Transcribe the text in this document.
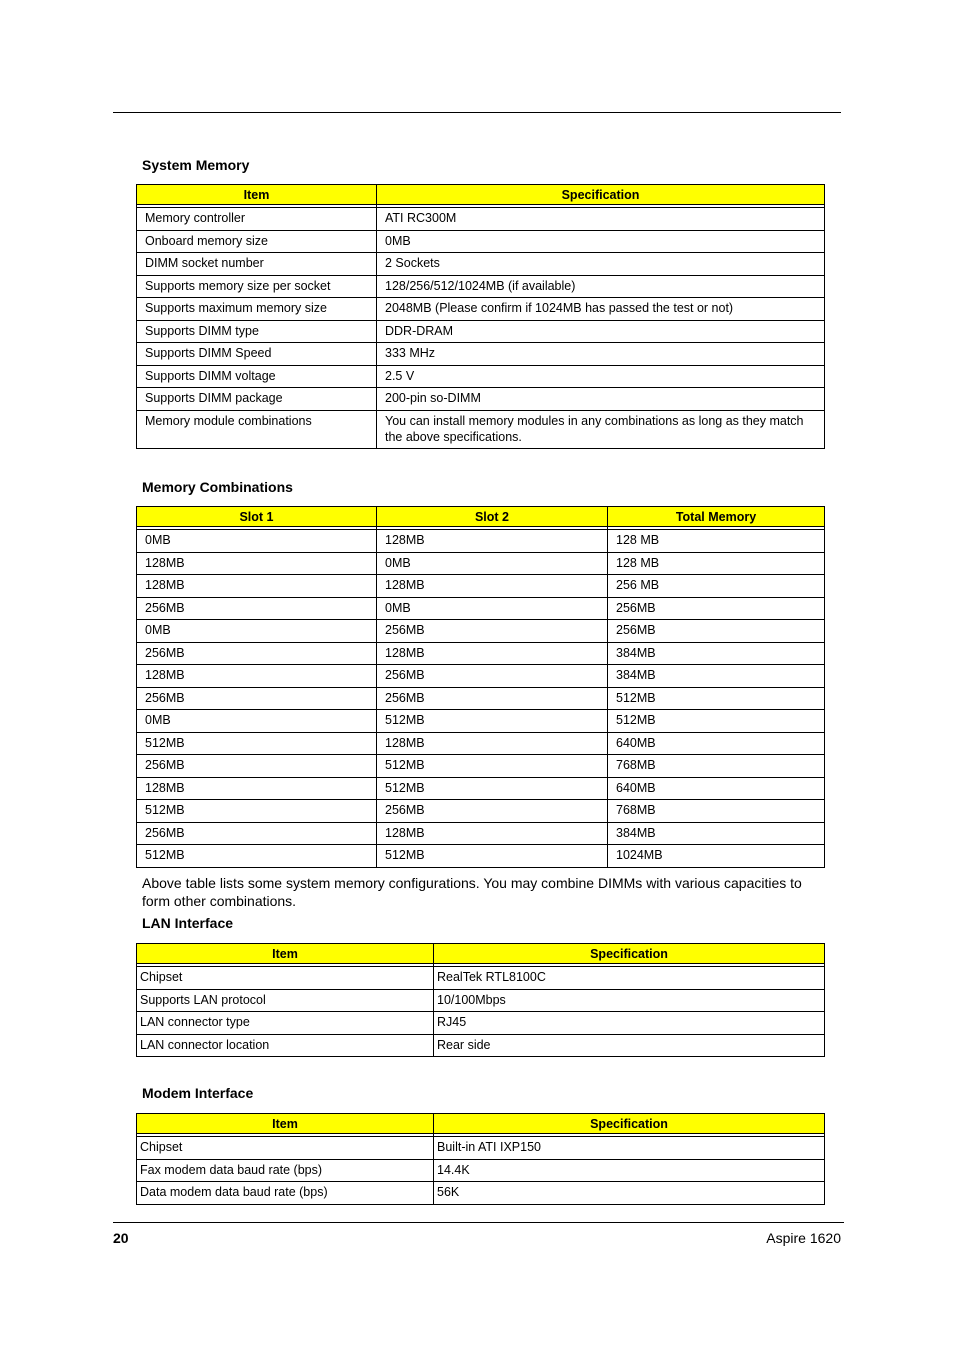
System Memory
Item	Specification

Memory controller	ATI RC300M
Onboard memory size	0MB
DIMM socket number	2 Sockets
Supports memory size per socket	128/256/512/1024MB (if available)
Supports maximum memory size	2048MB (Please confirm if 1024MB has passed the test or not)
Supports DIMM type	DDR-DRAM
Supports DIMM Speed	333 MHz
Supports DIMM voltage	2.5 V
Supports DIMM package	200-pin so-DIMM
Memory module combinations	You can install memory modules in any combinations as long as they match the above specifications.
Memory Combinations
Slot 1	Slot 2	Total Memory

0MB	128MB	128 MB
128MB	0MB	128 MB
128MB	128MB	256 MB
256MB	0MB	256MB
0MB	256MB	256MB
256MB	128MB	384MB
128MB	256MB	384MB
256MB	256MB	512MB
0MB	512MB	512MB
512MB	128MB	640MB
256MB	512MB	768MB
128MB	512MB	640MB
512MB	256MB	768MB
256MB	128MB	384MB
512MB	512MB	1024MB
Above table lists some system memory configurations. You may combine DIMMs with various capacities to form other combinations.
LAN Interface
Item	Specification

Chipset	RealTek RTL8100C
Supports LAN protocol	10/100Mbps
LAN connector type	RJ45
LAN connector location	Rear side
Modem Interface
Item	Specification

Chipset	Built-in ATI IXP150
Fax modem data baud rate (bps)	14.4K
Data modem data baud rate (bps)	56K
20	Aspire 1620
